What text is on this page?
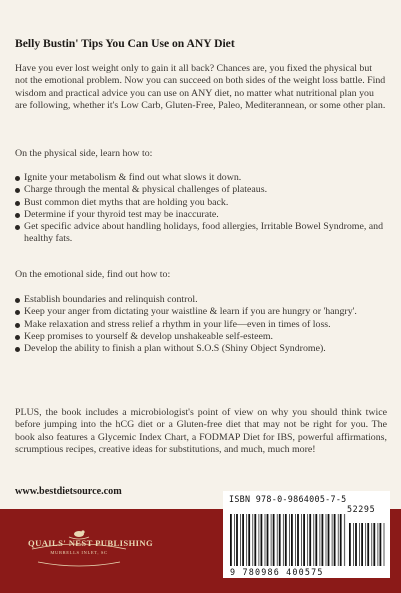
Belly Bustin' Tips You Can Use on ANY Diet

Have you ever lost weight only to gain it all back? Chances are, you fixed the physical but not the emotional problem. Now you can succeed on both sides of the weight loss battle. Find wisdom and practical advice you can use on ANY diet, no matter what nutritional plan you are following, whether it's Low Carb, Gluten-Free, Paleo, Mediterannean, or some other plan.

On the physical side, learn how to:

Ignite your metabolism & find out what slows it down.
Charge through the mental & physical challenges of plateaus.
Bust common diet myths that are holding you back.
Determine if your thyroid test may be inaccurate.
Get specific advice about handling holidays, food allergies, Irritable Bowel Syndrome, and healthy fats.

On the emotional side, find out how to:

Establish boundaries and relinquish control.
Keep your anger from dictating your waistline & learn if you are hungry or 'hangry'.
Make relaxation and stress relief a rhythm in your life—even in times of loss.
Keep promises to yourself & develop unshakeable self-esteem.
Develop the ability to finish a plan without S.O.S (Shiny Object Syndrome).

PLUS, the book includes a microbiologist's point of view on why you should think twice before jumping into the hCG diet or a Gluten-free diet that may not be right for you. The book also features a Glycemic Index Chart, a FODMAP Diet for IBS, powerful affirmations, scrumptious recipes, creative ideas for substitutions, and much, much more!

www.bestdietsource.com
QUAILS' NEST PUBLISHING
MURRELLS INLET, SC
ISBN 978-0-9864005-7-5
52295
9 780986 400575
